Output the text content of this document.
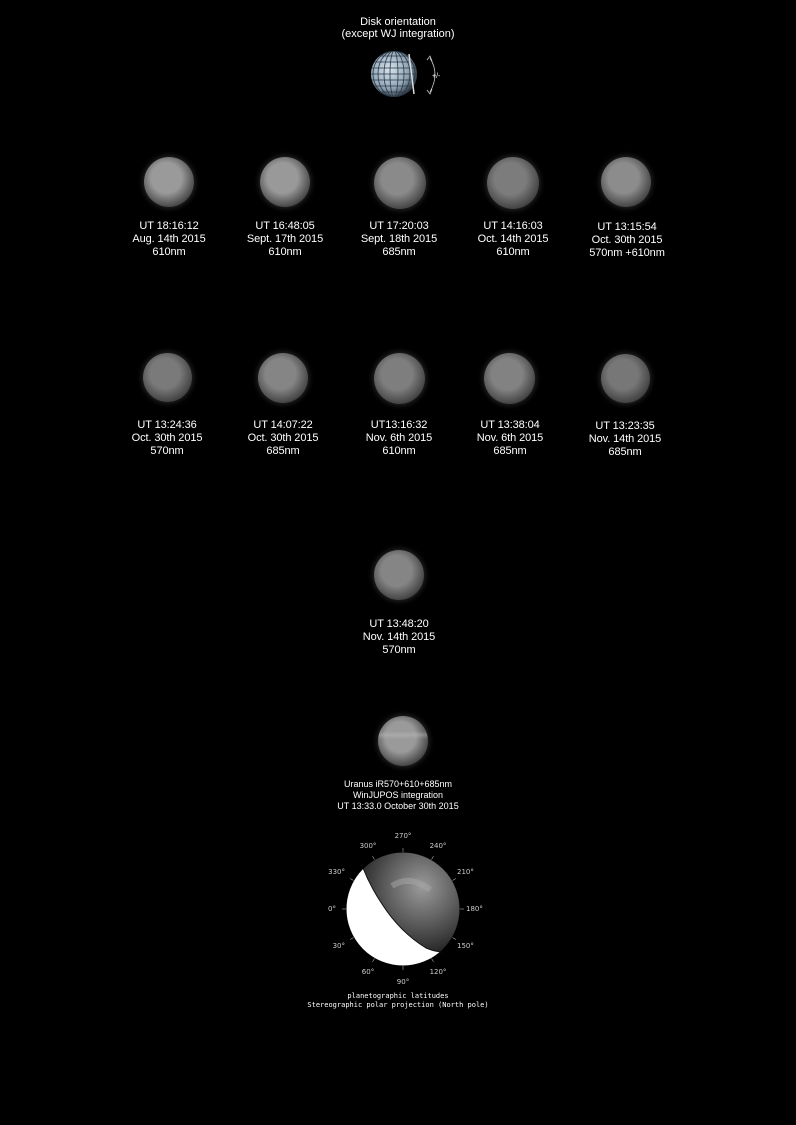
Disk orientation
(except WJ integration)
+/-
UT 18:16:12
Aug. 14th 2015
610nm
UT 16:48:05
Sept. 17th 2015
610nm
UT 17:20:03
Sept. 18th 2015
685nm
UT 14:16:03
Oct. 14th 2015
610nm
UT 13:15:54
Oct. 30th 2015
570nm +610nm
UT 13:24:36
Oct. 30th 2015
570nm
UT 14:07:22
Oct. 30th 2015
685nm
UT13:16:32
Nov. 6th 2015
610nm
UT 13:38:04
Nov. 6th 2015
685nm
UT 13:23:35
Nov. 14th 2015
685nm
UT 13:48:20
Nov. 14th 2015
570nm
Uranus iR570+610+685nm
WinJUPOS integration
UT 13:33.0 October 30th 2015
0°
30°
60°
90°
120°
150°
180°
210°
240°
270°
300°
330°
planetographic latitudes
Stereographic polar projection (North pole)
